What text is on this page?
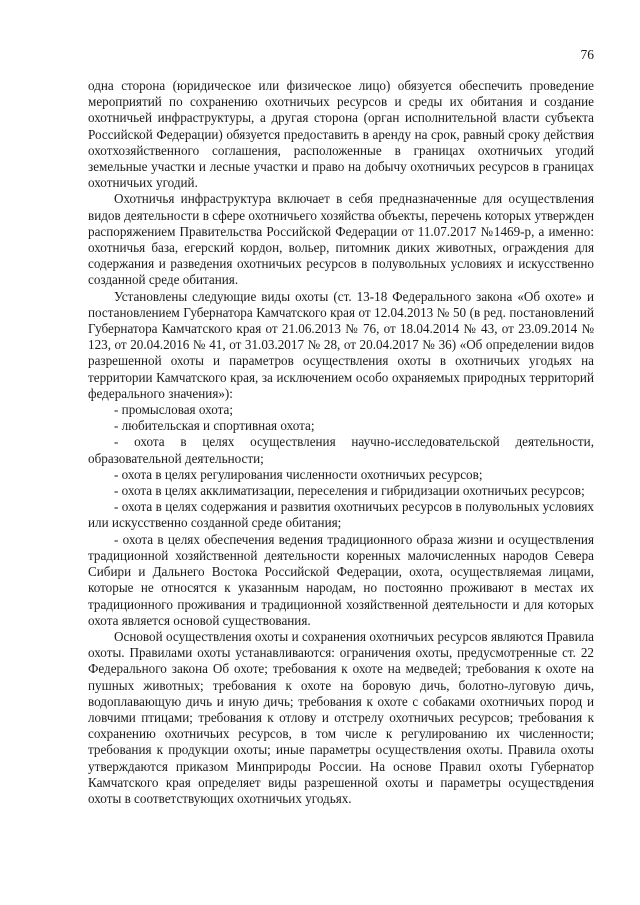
76

одна сторона (юридическое или физическое лицо) обязуется обеспечить проведение мероприятий по сохранению охотничьих ресурсов и среды их обитания и создание охотничьей инфраструктуры, а другая сторона (орган исполнительной власти субъекта Российской Федерации) обязуется предоставить в аренду на срок, равный сроку действия охотхозяйственного соглашения, расположенные в границах охотничьих угодий земельные участки и лесные участки и право на добычу охотничьих ресурсов в границах охотничьих угодий.

Охотничья инфраструктура включает в себя предназначенные для осуществления видов деятельности в сфере охотничьего хозяйства объекты, перечень которых утвержден распоряжением Правительства Российской Федерации от 11.07.2017 №1469-р, а именно: охотничья база, егерский кордон, вольер, питомник диких животных, ограждения для содержания и разведения охотничьих ресурсов в полувольных условиях и искусственно созданной среде обитания.

Установлены следующие виды охоты (ст. 13-18 Федерального закона «Об охоте» и постановлением Губернатора Камчатского края от 12.04.2013 № 50 (в ред. постановлений Губернатора Камчатского края от 21.06.2013 № 76, от 18.04.2014 № 43, от 23.09.2014 № 123, от 20.04.2016 № 41, от 31.03.2017 № 28, от 20.04.2017 № 36) «Об определении видов разрешенной охоты и параметров осуществления охоты в охотничьих угодьях на территории Камчатского края, за исключением особо охраняемых природных территорий федерального значения»):

- промысловая охота;

- любительская и спортивная охота;

- охота в целях осуществления научно-исследовательской деятельности, образовательной деятельности;

- охота в целях регулирования численности охотничьих ресурсов;

- охота в целях акклиматизации, переселения и гибридизации охотничьих ресурсов;

- охота в целях содержания и развития охотничьих ресурсов в полувольных условиях или искусственно созданной среде обитания;

- охота в целях обеспечения ведения традиционного образа жизни и осуществления традиционной хозяйственной деятельности коренных малочисленных народов Севера Сибири и Дальнего Востока Российской Федерации, охота, осуществляемая лицами, которые не относятся к указанным народам, но постоянно проживают в местах их традиционного проживания и традиционной хозяйственной деятельности и для которых охота является основой существования.

Основой осуществления охоты и сохранения охотничьих ресурсов являются Правила охоты. Правилами охоты устанавливаются: ограничения охоты, предусмотренные ст. 22 Федерального закона Об охоте; требования к охоте на медведей; требования к охоте на пушных животных; требования к охоте на боровую дичь, болотно-луговую дичь, водоплавающую дичь и иную дичь; требования к охоте с собаками охотничьих пород и ловчими птицами; требования к отлову и отстрелу охотничьих ресурсов; требования к сохранению охотничьих ресурсов, в том числе к регулированию их численности; требования к продукции охоты; иные параметры осуществления охоты. Правила охоты утверждаются приказом Минприроды России. На основе Правил охоты Губернатор Камчатского края определяет виды разрешенной охоты и параметры осуществдения охоты в соответствующих охотничьих угодьях.
